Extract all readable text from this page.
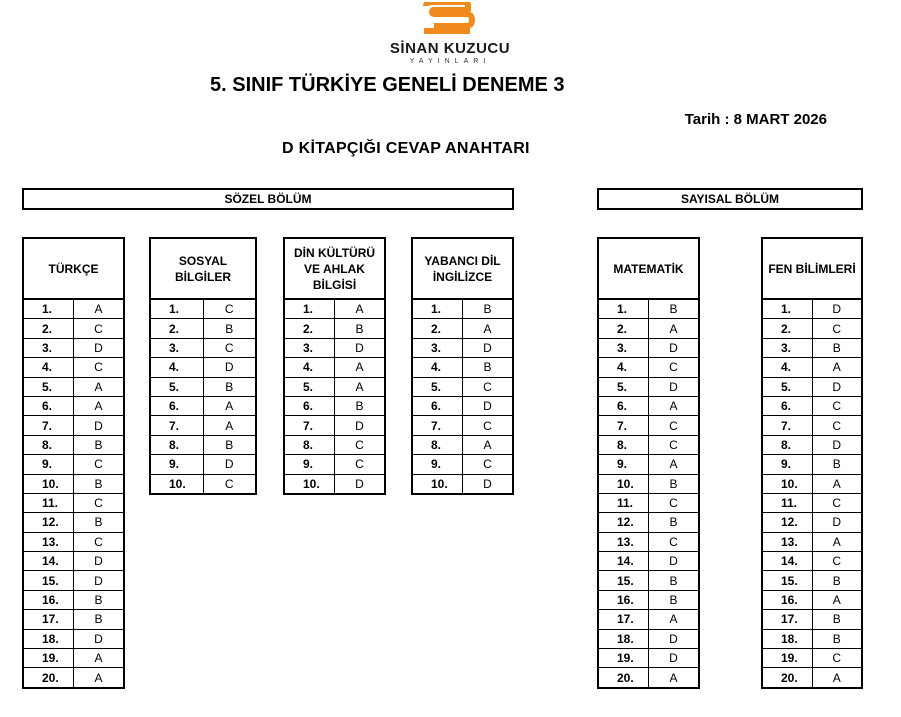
SİNAN KUZUCU
YAYINLARI
5. SINIF TÜRKİYE GENELİ DENEME 3
Tarih : 8 MART 2026
D KİTAPÇIĞI CEVAP ANAHTARI
SÖZEL BÖLÜM	SAYISAL BÖLÜM
TÜRKÇE
1.	A
2.	C
3.	D
4.	C
5.	A
6.	A
7.	D
8.	B
9.	C
10.	B
11.	C
12.	B
13.	C
14.	D
15.	D
16.	B
17.	B
18.	D
19.	A
20.	A
SOSYAL BİLGİLER
1.	C
2.	B
3.	C
4.	D
5.	B
6.	A
7.	A
8.	B
9.	D
10.	C
DİN KÜLTÜRÜ
VE AHLAK
BİLGİSİ
1.	A
2.	B
3.	D
4.	A
5.	A
6.	B
7.	D
8.	C
9.	C
10.	D
YABANCI DİL
İNGİLİZCE
1.	B
2.	A
3.	D
4.	B
5.	C
6.	D
7.	C
8.	A
9.	C
10.	D
MATEMATİK
1.	B
2.	A
3.	D
4.	C
5.	D
6.	A
7.	C
8.	C
9.	A
10.	B
11.	C
12.	B
13.	C
14.	D
15.	B
16.	B
17.	A
18.	D
19.	D
20.	A
FEN BİLİMLERİ
1.	D
2.	C
3.	B
4.	A
5.	D
6.	C
7.	C
8.	D
9.	B
10.	A
11.	C
12.	D
13.	A
14.	C
15.	B
16.	A
17.	B
18.	B
19.	C
20.	A
